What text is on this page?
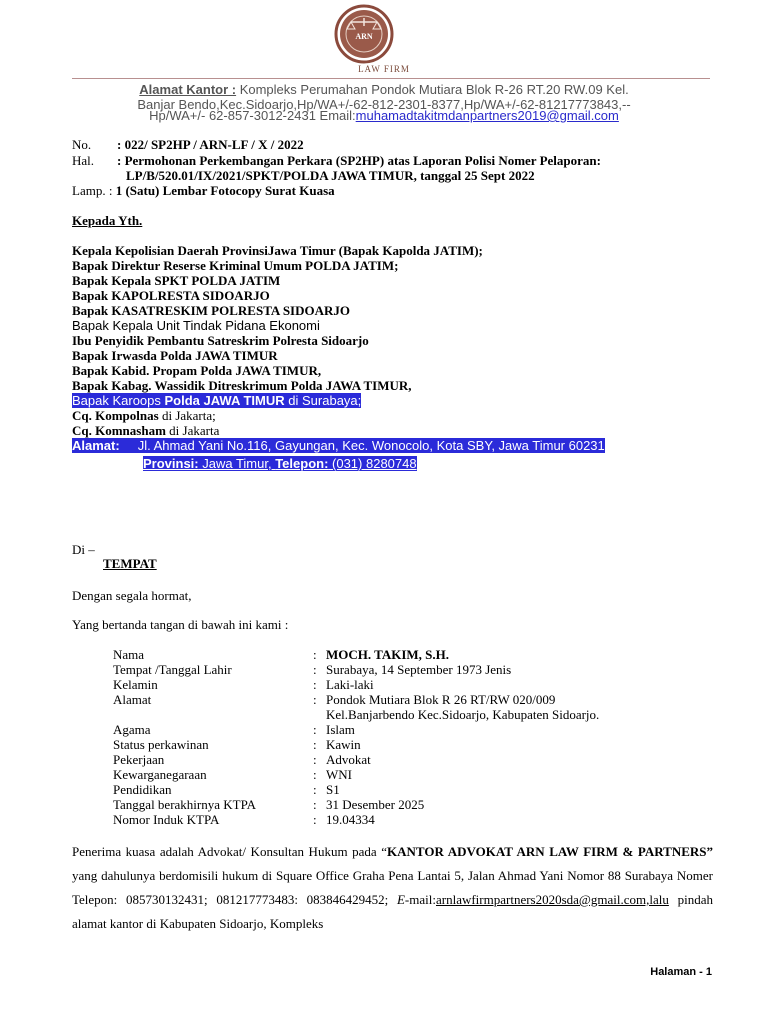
ARN
LAW FIRM
Alamat Kantor : Kompleks Perumahan Pondok Mutiara Blok R-26 RT.20 RW.09 Kel.
Banjar Bendo,Kec.Sidoarjo,Hp/WA+/-62-812-2301-8377,Hp/WA+/-62-81217773843,--
Hp/WA+/- 62-857-3012-2431 Email:muhamadtakitmdanpartners2019@gmail.com
No. : 022/ SP2HP / ARN-LF / X / 2022
Hal. : Permohonan Perkembangan Perkara (SP2HP) atas Laporan Polisi Nomer Pelaporan:
LP/B/520.01/IX/2021/SPKT/POLDA JAWA TIMUR, tanggal 25 Sept 2022
Lamp. : 1 (Satu) Lembar Fotocopy Surat Kuasa
Kepada Yth.
Kepala Kepolisian Daerah ProvinsiJawa Timur (Bapak Kapolda JATIM);
Bapak Direktur Reserse Kriminal Umum POLDA JATIM;
Bapak Kepala SPKT POLDA JATIM
Bapak KAPOLRESTA SIDOARJO
Bapak KASATRESKIM POLRESTA SIDOARJO
Bapak Kepala Unit Tindak Pidana Ekonomi
Ibu Penyidik Pembantu Satreskrim Polresta Sidoarjo
Bapak Irwasda Polda JAWA TIMUR
Bapak Kabid. Propam Polda JAWA TIMUR,
Bapak Kabag. Wassidik Ditreskrimum Polda JAWA TIMUR,
Bapak Karoops Polda JAWA TIMUR di Surabaya;
Cq. Kompolnas di Jakarta;
Cq. Komnasham di Jakarta
Alamat: Jl. Ahmad Yani No.116, Gayungan, Kec. Wonocolo, Kota SBY, Jawa Timur 60231
Provinsi: Jawa Timur, Telepon: (031) 8280748
Di –
TEMPAT
Dengan segala hormat,
Yang bertanda tangan di bawah ini kami :
Nama	: MOCH. TAKIM, S.H.
Tempat /Tanggal Lahir	: Surabaya, 14 September 1973 Jenis
Kelamin	: Laki-laki
Alamat	: Pondok Mutiara Blok R 26 RT/RW 020/009
Kel.Banjarbendo Kec.Sidoarjo, Kabupaten Sidoarjo.
Agama	: Islam
Status perkawinan	: Kawin
Pekerjaan	: Advokat
Kewarganegaraan	: WNI
Pendidikan	: S1
Tanggal berakhirnya KTPA	: 31 Desember 2025
Nomor Induk KTPA	: 19.04334
Penerima kuasa adalah Advokat/ Konsultan Hukum pada “KANTOR ADVOKAT ARN LAW FIRM & PARTNERS” yang dahulunya berdomisili hukum di Square Office Graha Pena Lantai 5, Jalan Ahmad Yani Nomor 88 Surabaya Nomer Telepon: 085730132431; 081217773483: 083846429452; E-mail:arnlawfirmpartners2020sda@gmail.com,lalu pindah alamat kantor di Kabupaten Sidoarjo, Kompleks
Halaman - 1
